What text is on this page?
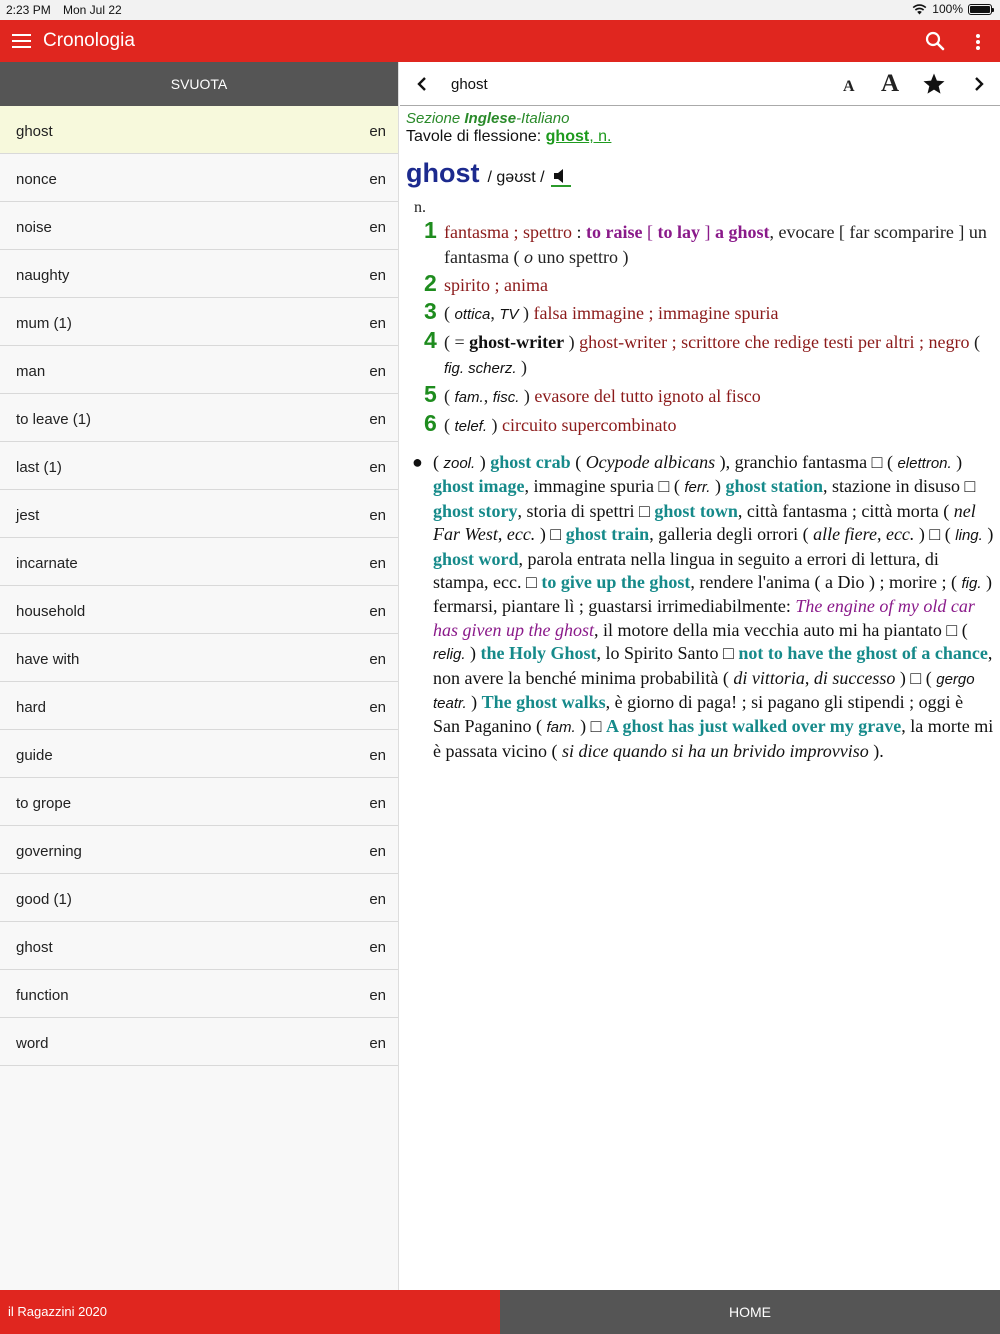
2:23 PM Mon Jul 22	100%
Cronologia
SVUOTA
ghost	en
nonce	en
noise	en
naughty	en
mum (1)	en
man	en
to leave (1)	en
last (1)	en
jest	en
incarnate	en
household	en
have with	en
hard	en
guide	en
to grope	en
governing	en
good (1)	en
ghost	en
function	en
word	en
ghost	A A
Sezione Inglese-Italiano
Tavole di flessione: ghost, n.
ghost / ɡəʊst /
n.
1 fantasma ; spettro : to raise [ to lay ] a ghost, evocare [ far scomparire ] un fantasma ( o uno spettro )
2 spirito ; anima
3 ( ottica, TV ) falsa immagine ; immagine spuria
4 ( = ghost-writer ) ghost-writer ; scrittore che redige testi per altri ; negro ( fig. scherz. )
5 ( fam., fisc. ) evasore del tutto ignoto al fisco
6 ( telef. ) circuito supercombinato
● ( zool. ) ghost crab ( Ocypode albicans ), granchio fantasma □ ( elettron. ) ghost image, immagine spuria □ ( ferr. ) ghost station, stazione in disuso □ ghost story, storia di spettri □ ghost town, città fantasma ; città morta ( nel Far West, ecc. ) □ ghost train, galleria degli orrori ( alle fiere, ecc. ) □ ( ling. ) ghost word, parola entrata nella lingua in seguito a errori di lettura, di stampa, ecc. □ to give up the ghost, rendere l'anima ( a Dio ) ; morire ; ( fig. ) fermarsi, piantare lì ; guastarsi irrimediabilmente: The engine of my old car has given up the ghost, il motore della mia vecchia auto mi ha piantato □ ( relig. ) the Holy Ghost, lo Spirito Santo □ not to have the ghost of a chance, non avere la benché minima probabilità ( di vittoria, di successo ) □ ( gergo teatr. ) The ghost walks, è giorno di paga! ; si pagano gli stipendi ; oggi è San Paganino ( fam. ) □ A ghost has just walked over my grave, la morte mi è passata vicino ( si dice quando si ha un brivido improvviso ).
il Ragazzini 2020	HOME
